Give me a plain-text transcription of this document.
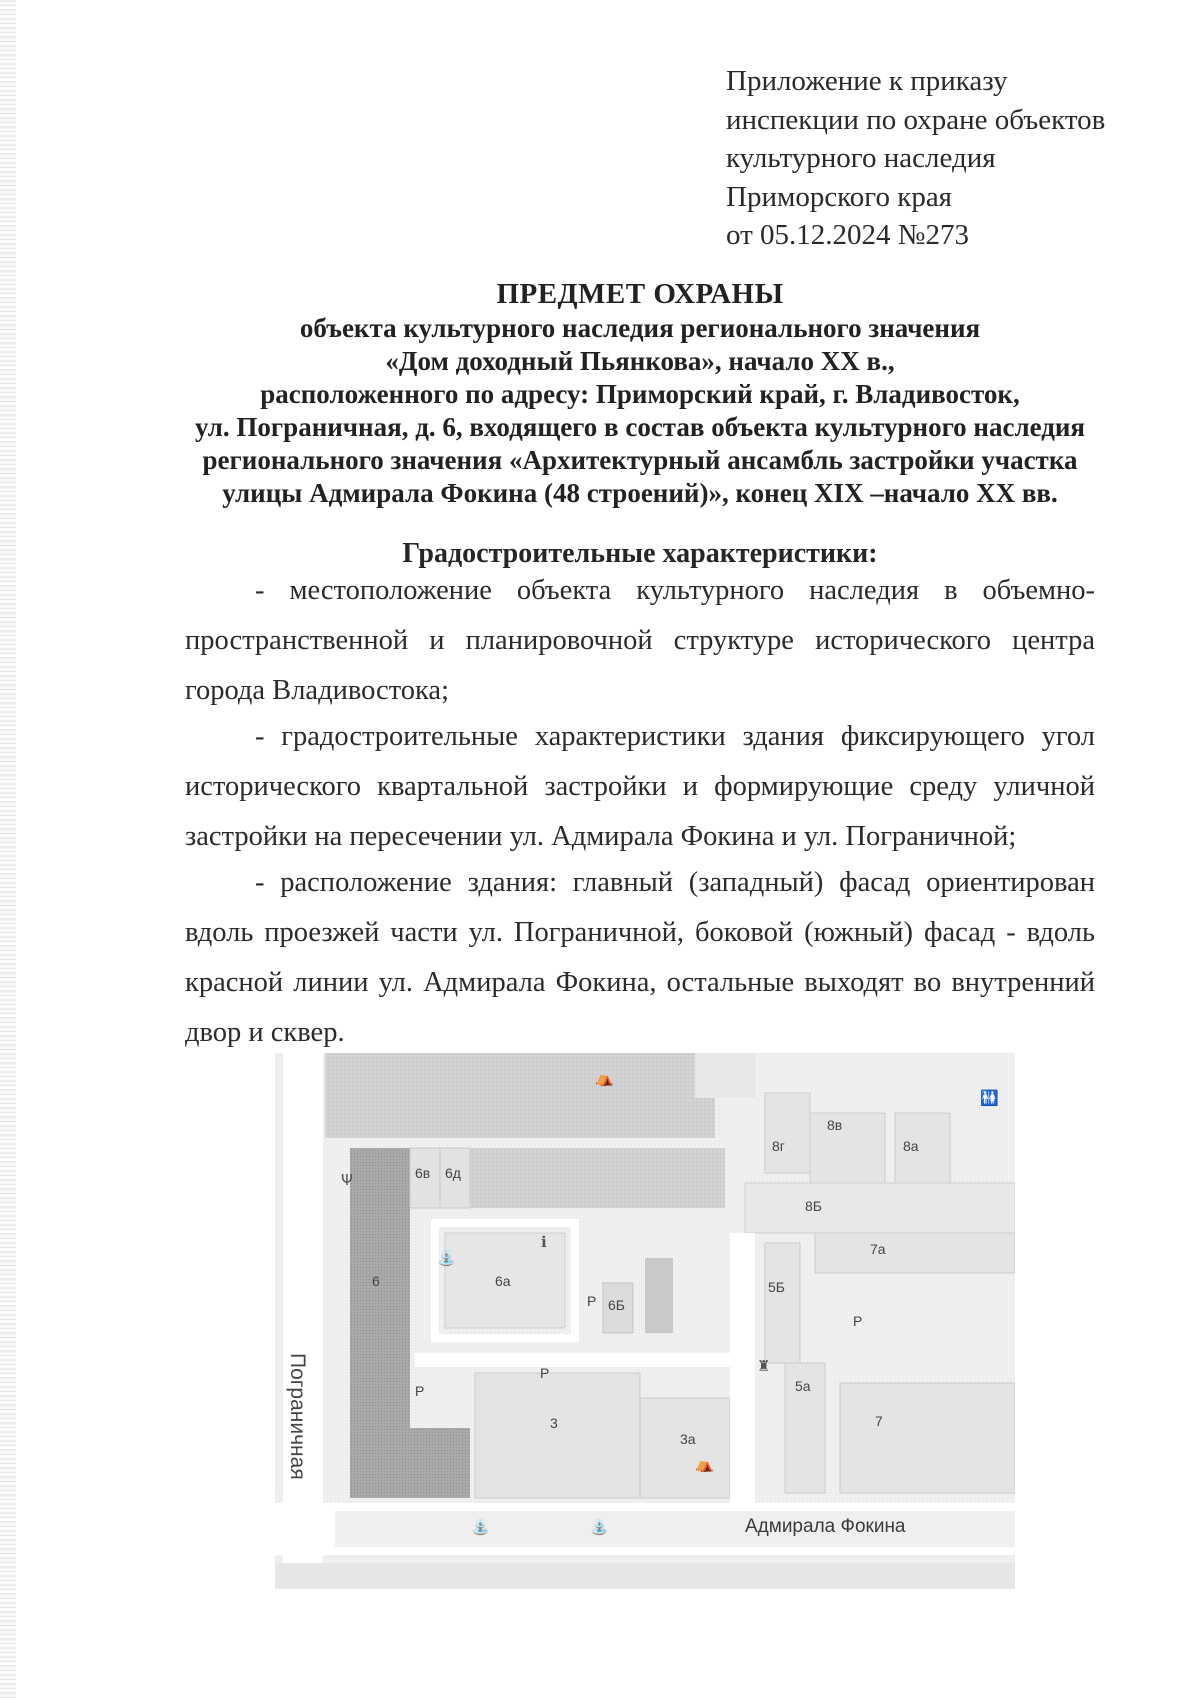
Приложение к приказу
инспекции по охране объектов
культурного наследия
Приморского края
от 05.12.2024 №273
ПРЕДМЕТ ОХРАНЫ
объекта культурного наследия регионального значения
«Дом доходный Пьянкова», начало XX в.,
расположенного по адресу: Приморский край, г. Владивосток,
ул. Пограничная, д. 6, входящего в состав объекта культурного наследия
регионального значения «Архитектурный ансамбль застройки участка
улицы Адмирала Фокина (48 строений)», конец XIX –начало XX вв.
Градостроительные характеристики:
- местоположение объекта культурного наследия в объемно-пространственной и планировочной структуре исторического центра города Владивостока;
- градостроительные характеристики здания фиксирующего угол исторического квартальной застройки и формирующие среду уличной застройки на пересечении ул. Адмирала Фокина и ул. Пограничной;
- расположение здания: главный (западный) фасад ориентирован вдоль проезжей части ул. Пограничной, боковой (южный) фасад - вдоль красной линии ул. Адмирала Фокина, остальные выходят во внутренний двор и сквер.
Пограничная
Адмирала Фокина
6
6в 6д
6а
6Б
3
3а
8г
8в
8а
8Б
7а
5Б
5а
7
P
P
P
P
⛺
🚻
Ψ
ℹ
⛲
♜
⛺
⛲	⛲
